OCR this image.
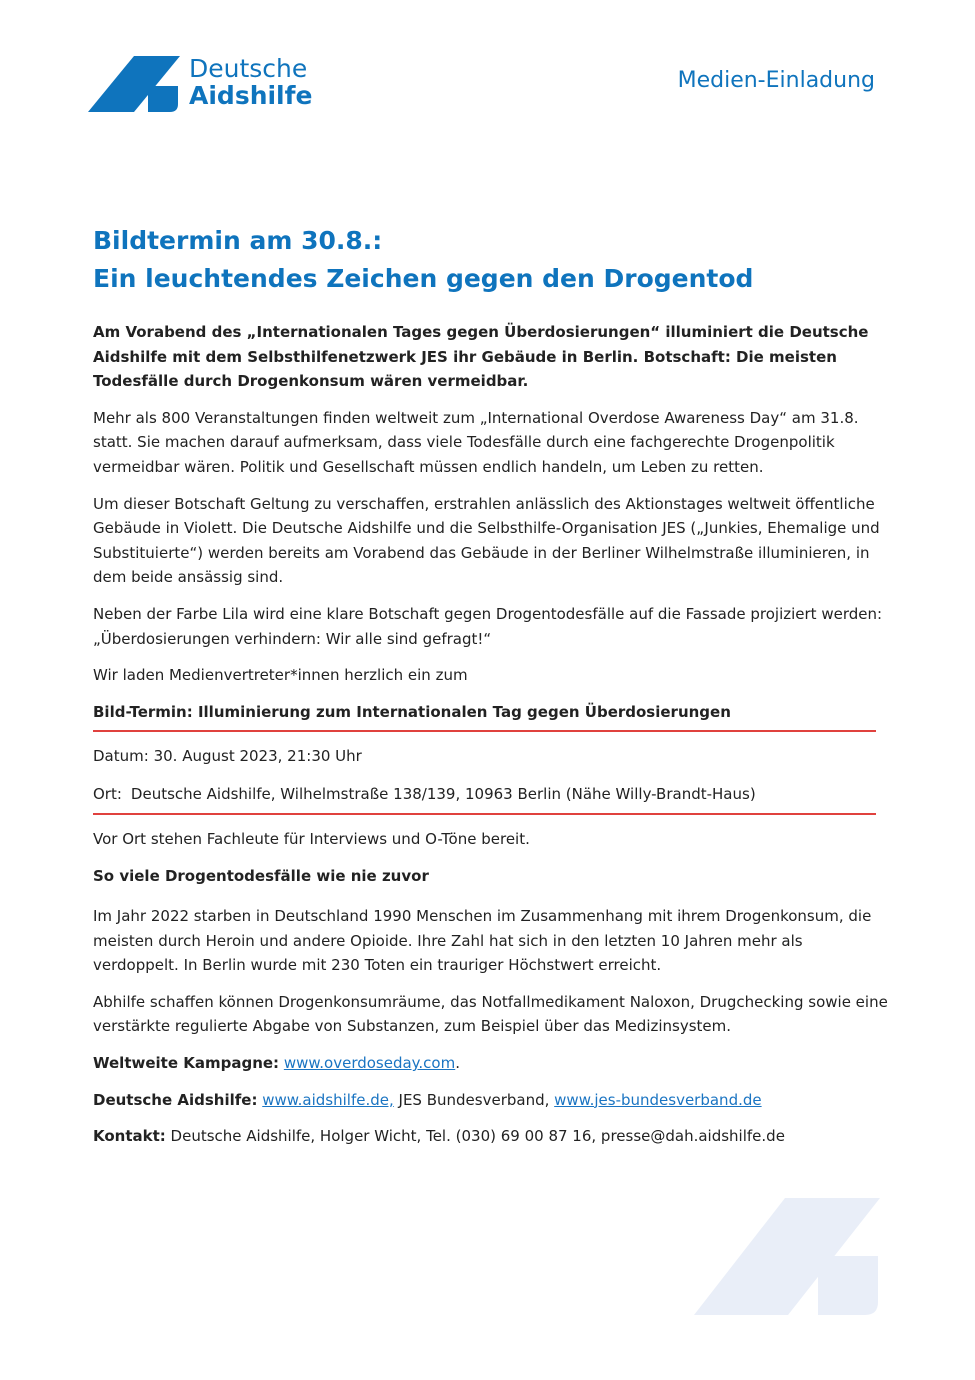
Deutsche
Aidshilfe
Medien-Einladung
Bildtermin am 30.8.:
Ein leuchtendes Zeichen gegen den Drogentod

Am Vorabend des „Internationalen Tages gegen Überdosierungen“ illuminiert die Deutsche Aidshilfe mit dem Selbsthilfenetzwerk JES ihr Gebäude in Berlin. Botschaft: Die meisten Todesfälle durch Drogenkonsum wären vermeidbar.

Mehr als 800 Veranstaltungen finden weltweit zum „International Overdose Awareness Day“ am 31.8. statt. Sie machen darauf aufmerksam, dass viele Todesfälle durch eine fachgerechte Drogenpolitik vermeidbar wären. Politik und Gesellschaft müssen endlich handeln, um Leben zu retten.

Um dieser Botschaft Geltung zu verschaffen, erstrahlen anlässlich des Aktionstages weltweit öffentliche Gebäude in Violett. Die Deutsche Aidshilfe und die Selbsthilfe-Organisation JES („Junkies, Ehemalige und Substituierte“) werden bereits am Vorabend das Gebäude in der Berliner Wilhelmstraße illuminieren, in dem beide ansässig sind.

Neben der Farbe Lila wird eine klare Botschaft gegen Drogentodesfälle auf die Fassade projiziert werden: „Überdosierungen verhindern: Wir alle sind gefragt!“

Wir laden Medienvertreter*innen herzlich ein zum

Bild-Termin: Illuminierung zum Internationalen Tag gegen Überdosierungen

Datum: 30. August 2023, 21:30 Uhr

Ort: Deutsche Aidshilfe, Wilhelmstraße 138/139, 10963 Berlin (Nähe Willy-Brandt-Haus)

Vor Ort stehen Fachleute für Interviews und O-Töne bereit.

So viele Drogentodesfälle wie nie zuvor

Im Jahr 2022 starben in Deutschland 1990 Menschen im Zusammenhang mit ihrem Drogenkonsum, die meisten durch Heroin und andere Opioide. Ihre Zahl hat sich in den letzten 10 Jahren mehr als verdoppelt. In Berlin wurde mit 230 Toten ein trauriger Höchstwert erreicht.

Abhilfe schaffen können Drogenkonsumräume, das Notfallmedikament Naloxon, Drugchecking sowie eine verstärkte regulierte Abgabe von Substanzen, zum Beispiel über das Medizinsystem.

Weltweite Kampagne: www.overdoseday.com.

Deutsche Aidshilfe: www.aidshilfe.de, JES Bundesverband, www.jes-bundesverband.de

Kontakt: Deutsche Aidshilfe, Holger Wicht, Tel. (030) 69 00 87 16, presse@dah.aidshilfe.de
